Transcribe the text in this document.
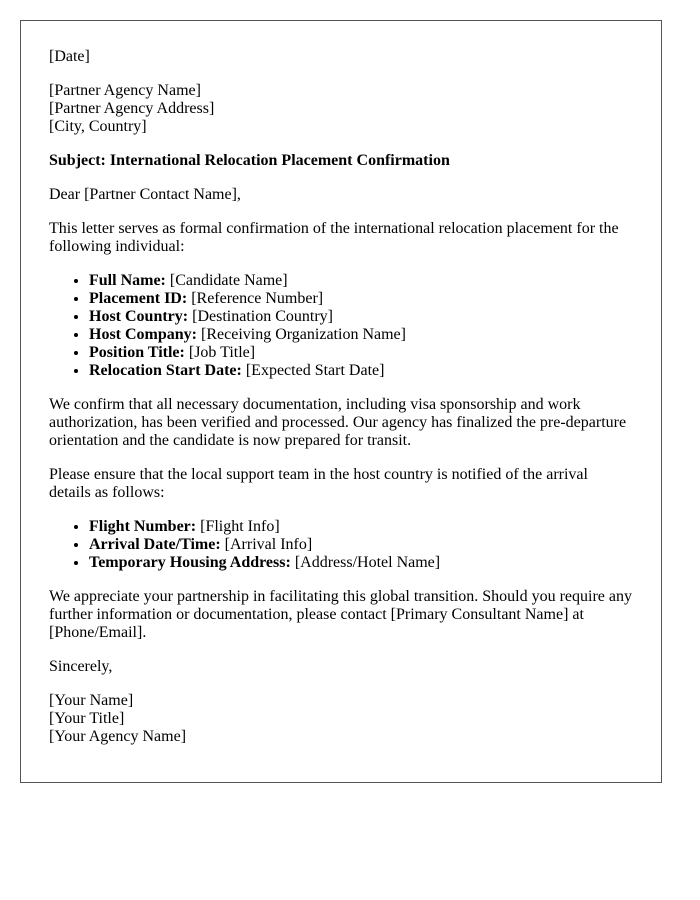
[Date]

[Partner Agency Name]
[Partner Agency Address]
[City, Country]

Subject: International Relocation Placement Confirmation

Dear [Partner Contact Name],

This letter serves as formal confirmation of the international relocation placement for the following individual:

• Full Name: [Candidate Name]
• Placement ID: [Reference Number]
• Host Country: [Destination Country]
• Host Company: [Receiving Organization Name]
• Position Title: [Job Title]
• Relocation Start Date: [Expected Start Date]

We confirm that all necessary documentation, including visa sponsorship and work authorization, has been verified and processed. Our agency has finalized the pre-departure orientation and the candidate is now prepared for transit.

Please ensure that the local support team in the host country is notified of the arrival details as follows:

• Flight Number: [Flight Info]
• Arrival Date/Time: [Arrival Info]
• Temporary Housing Address: [Address/Hotel Name]

We appreciate your partnership in facilitating this global transition. Should you require any further information or documentation, please contact [Primary Consultant Name] at [Phone/Email].

Sincerely,

[Your Name]
[Your Title]
[Your Agency Name]
